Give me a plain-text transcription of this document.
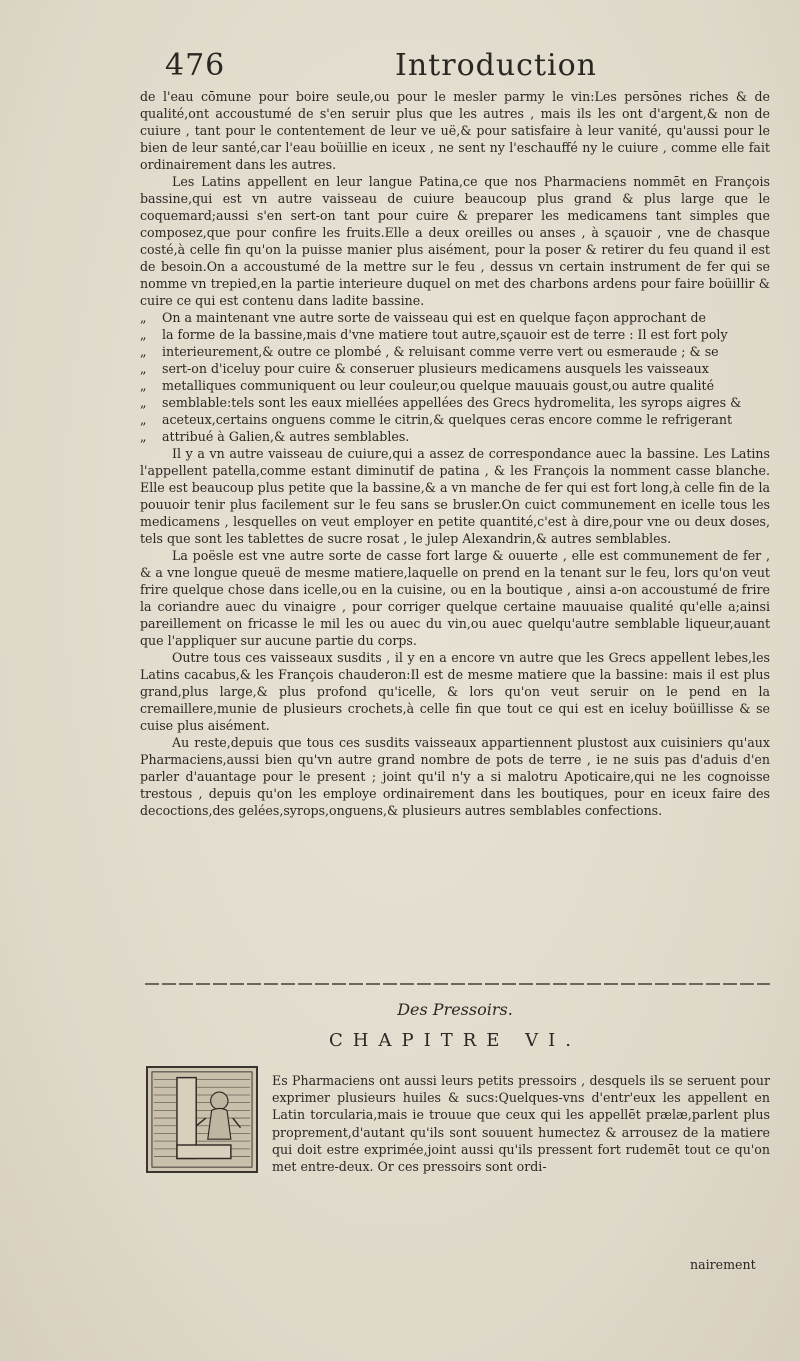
476	Introduction

de l'eau cōmune pour boire seule,ou pour le mesler parmy le vin:Les persōnes riches & de qualité,ont accoustumé de s'en seruir plus que les autres , mais ils les ont d'argent,& non de cuiure , tant pour le contentement de leur ve uë,& pour satisfaire à leur vanité, qu'aussi pour le bien de leur santé,car l'eau boüillie en iceux , ne sent ny l'eschauffé ny le cuiure , comme elle fait ordinairement dans les autres.

Les Latins appellent en leur langue Patina,ce que nos Pharmaciens nommēt en François bassine,qui est vn autre vaisseau de cuiure beaucoup plus grand & plus large que le coquemard;aussi s'en sert-on tant pour cuire & preparer les medicamens tant simples que composez,que pour confire les fruits.Elle a deux oreilles ou anses , à sçauoir , vne de chasque costé,à celle fin qu'on la puisse manier plus aisément, pour la poser & retirer du feu quand il est de besoin.On a accoustumé de la mettre sur le feu , dessus vn certain instrument de fer qui se nomme vn trepied,en la partie interieure duquel on met des charbons ardens pour faire boüillir & cuire ce qui est contenu dans ladite bassine.

„	On a maintenant vne autre sorte de vaisseau qui est en quelque façon approchant de
„	la forme de la bassine,mais d'vne matiere tout autre,sçauoir est de terre : Il est fort poly
„	interieurement,& outre ce plombé , & reluisant comme verre vert ou esmeraude ; & se
„	sert-on d'iceluy pour cuire & conseruer plusieurs medicamens ausquels les vaisseaux
„	metalliques communiquent ou leur couleur,ou quelque mauuais goust,ou autre qualité
„	semblable:tels sont les eaux miellées appellées des Grecs hydromelita, les syrops aigres &
„	aceteux,certains onguens comme le citrin,& quelques ceras encore comme le refrigerant
„	attribué à Galien,& autres semblables.

Il y a vn autre vaisseau de cuiure,qui a assez de correspondance auec la bassine. Les Latins l'appellent patella,comme estant diminutif de patina , & les François la nomment casse blanche. Elle est beaucoup plus petite que la bassine,& a vn manche de fer qui est fort long,à celle fin de la pouuoir tenir plus facilement sur le feu sans se brusler.On cuict communement en icelle tous les medicamens , lesquelles on veut employer en petite quantité,c'est à dire,pour vne ou deux doses, tels que sont les tablettes de sucre rosat , le julep Alexandrin,& autres semblables.

La poësle est vne autre sorte de casse fort large & ouuerte , elle est communement de fer , & a vne longue queuë de mesme matiere,laquelle on prend en la tenant sur le feu, lors qu'on veut frire quelque chose dans icelle,ou en la cuisine, ou en la boutique , ainsi a-on accoustumé de frire la coriandre auec du vinaigre , pour corriger quelque certaine mauuaise qualité qu'elle a;ainsi pareillement on fricasse le mil les ou auec du vin,ou auec quelqu'autre semblable liqueur,auant que l'appliquer sur aucune partie du corps.

Outre tous ces vaisseaux susdits , il y en a encore vn autre que les Grecs appellent lebes,les Latins cacabus,& les François chauderon:Il est de mesme matiere que la bassine: mais il est plus grand,plus large,& plus profond qu'icelle, & lors qu'on veut seruir on le pend en la cremaillere,munie de plusieurs crochets,à celle fin que tout ce qui est en iceluy boüillisse & se cuise plus aisément.

Au reste,depuis que tous ces susdits vaisseaux appartiennent plustost aux cuisiniers qu'aux Pharmaciens,aussi bien qu'vn autre grand nombre de pots de terre , ie ne suis pas d'aduis d'en parler d'auantage pour le present ; joint qu'il n'y a si malotru Apoticaire,qui ne les cognoisse trestous , depuis qu'on les employe ordinairement dans les boutiques, pour en iceux faire des decoctions,des gelées,syrops,onguens,& plusieurs autres semblables confections.

Des Pressoirs.
CHAPITRE VI.
Es Pharmaciens ont aussi leurs petits pressoirs , desquels ils se seruent pour exprimer plusieurs huiles & sucs:Quelques-vns d'entr'eux les appellent en Latin torcularia,mais ie trouue que ceux qui les appellēt prælæ,parlent plus proprement,d'autant qu'ils sont souuent humectez & arrousez de la matiere qui doit estre exprimée,joint aussi qu'ils pressent fort rudemēt tout ce qu'on met entre-deux. Or ces pressoirs sont ordi-
nairement
